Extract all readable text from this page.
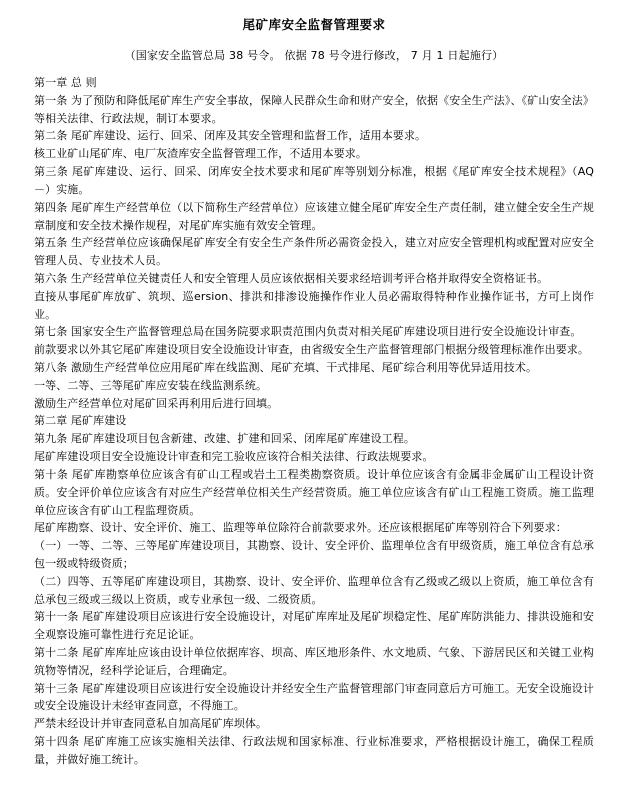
尾矿库安全监督管理要求
（国家安全监管总局 38 号令。 依据 78 号令进行修改， 7 月 1 日起施行）

第一章 总 则

第一条 为了预防和降低尾矿库生产安全事故，保障人民群众生命和财产安全，依据《安全生产法》、《矿山安全法》等相关法律、行政法规，制订本要求。

第二条 尾矿库建设、运行、回采、闭库及其安全管理和监督工作，适用本要求。

核工业矿山尾矿库、电厂灰渣库安全监督管理工作，不适用本要求。

第三条 尾矿库建设、运行、回采、闭库安全技术要求和尾矿库等别划分标准，根据《尾矿库安全技术规程》（AQ－）实施。

第四条 尾矿库生产经营单位（以下简称生产经营单位）应该建立健全尾矿库安全生产责任制，建立健全安全生产规章制度和安全技术操作规程，对尾矿库实施有效安全管理。

第五条 生产经营单位应该确保尾矿库安全有安全生产条件所必需资金投入，建立对应安全管理机构或配置对应安全管理人员、专业技术人员。

第六条 生产经营单位关键责任人和安全管理人员应该依据相关要求经培训考评合格并取得安全资格证书。

直接从事尾矿库放矿、筑坝、巡ersion、排洪和排渗设施操作作业人员必需取得特种作业操作证书，方可上岗作业。

第七条 国家安全生产监督管理总局在国务院要求职责范围内负责对相关尾矿库建设项目进行安全设施设计审查。

前款要求以外其它尾矿库建设项目安全设施设计审查，由省级安全生产监督管理部门根据分级管理标准作出要求。

第八条 激励生产经营单位应用尾矿库在线监测、尾矿充填、干式排尾、尾矿综合利用等优异适用技术。

一等、二等、三等尾矿库应安装在线监测系统。

激励生产经营单位对尾矿回采再利用后进行回填。

第二章 尾矿库建设

第九条 尾矿库建设项目包含新建、改建、扩建和回采、闭库尾矿库建设工程。

尾矿库建设项目安全设施设计审查和完工验收应该符合相关法律、行政法规要求。

第十条 尾矿库勘察单位应该含有矿山工程或岩土工程类勘察资质。设计单位应该含有金属非金属矿山工程设计资质。安全评价单位应该含有对应生产经营单位相关生产经营资质。施工单位应该含有矿山工程施工资质。施工监理单位应该含有矿山工程监理资质。

尾矿库勘察、设计、安全评价、施工、监理等单位除符合前款要求外。还应该根据尾矿库等别符合下列要求：

（一）一等、二等、三等尾矿库建设项目，其勘察、设计、安全评价、监理单位含有甲级资质，施工单位含有总承包一级或特级资质；

（二）四等、五等尾矿库建设项目，其勘察、设计、安全评价、监理单位含有乙级或乙级以上资质，施工单位含有总承包三级或三级以上资质，或专业承包一级、二级资质。

第十一条 尾矿库建设项目应该进行安全设施设计，对尾矿库库址及尾矿坝稳定性、尾矿库防洪能力、排洪设施和安全观察设施可靠性进行充足论证。

第十二条 尾矿库库址应该由设计单位依据库容、坝高、库区地形条件、水文地质、气象、下游居民区和关键工业构筑物等情况，经科学论证后，合理确定。

第十三条 尾矿库建设项目应该进行安全设施设计并经安全生产监督管理部门审查同意后方可施工。无安全设施设计或安全设施设计未经审查同意，不得施工。

严禁未经设计并审查同意私自加高尾矿库坝体。

第十四条 尾矿库施工应该实施相关法律、行政法规和国家标准、行业标准要求，严格根据设计施工，确保工程质量，并做好施工统计。
